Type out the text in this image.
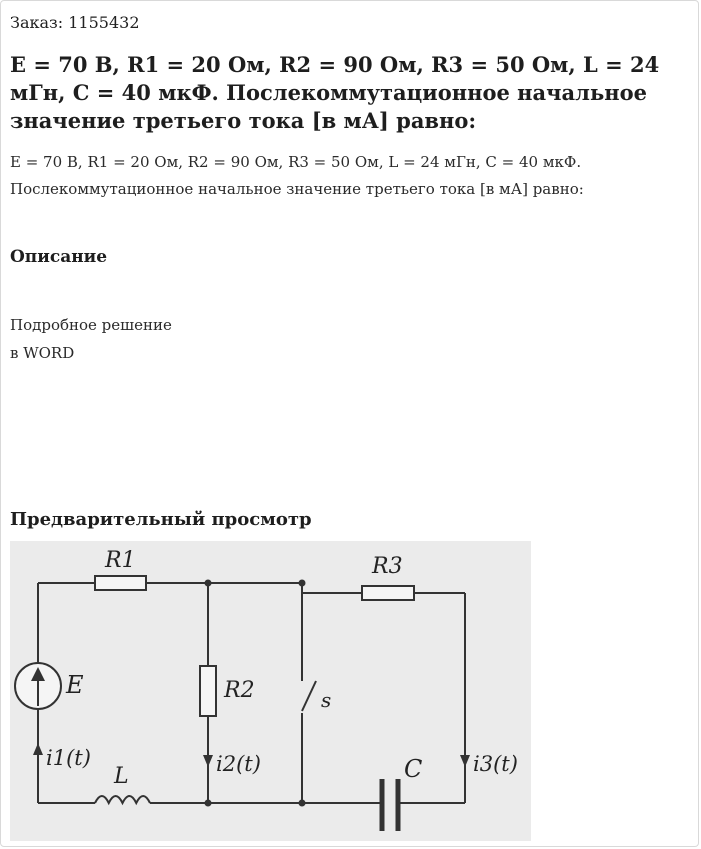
Заказ: 1155432
E = 70 В, R1 = 20 Ом, R2 = 90 Ом, R3 = 50 Ом, L = 24 мГн, C = 40 мкФ. Послекоммутационное начальное значение третьего тока [в мА] равно:
E = 70 В, R1 = 20 Ом, R2 = 90 Ом, R3 = 50 Ом, L = 24 мГн, C = 40 мкФ. Послекоммутационное начальное значение третьего тока [в мА] равно:
Описание
Подробное решение
в WORD
Предварительный просмотр
R1	R3
R2
E
s
L	C
i1(t)	i2(t)	i3(t)
